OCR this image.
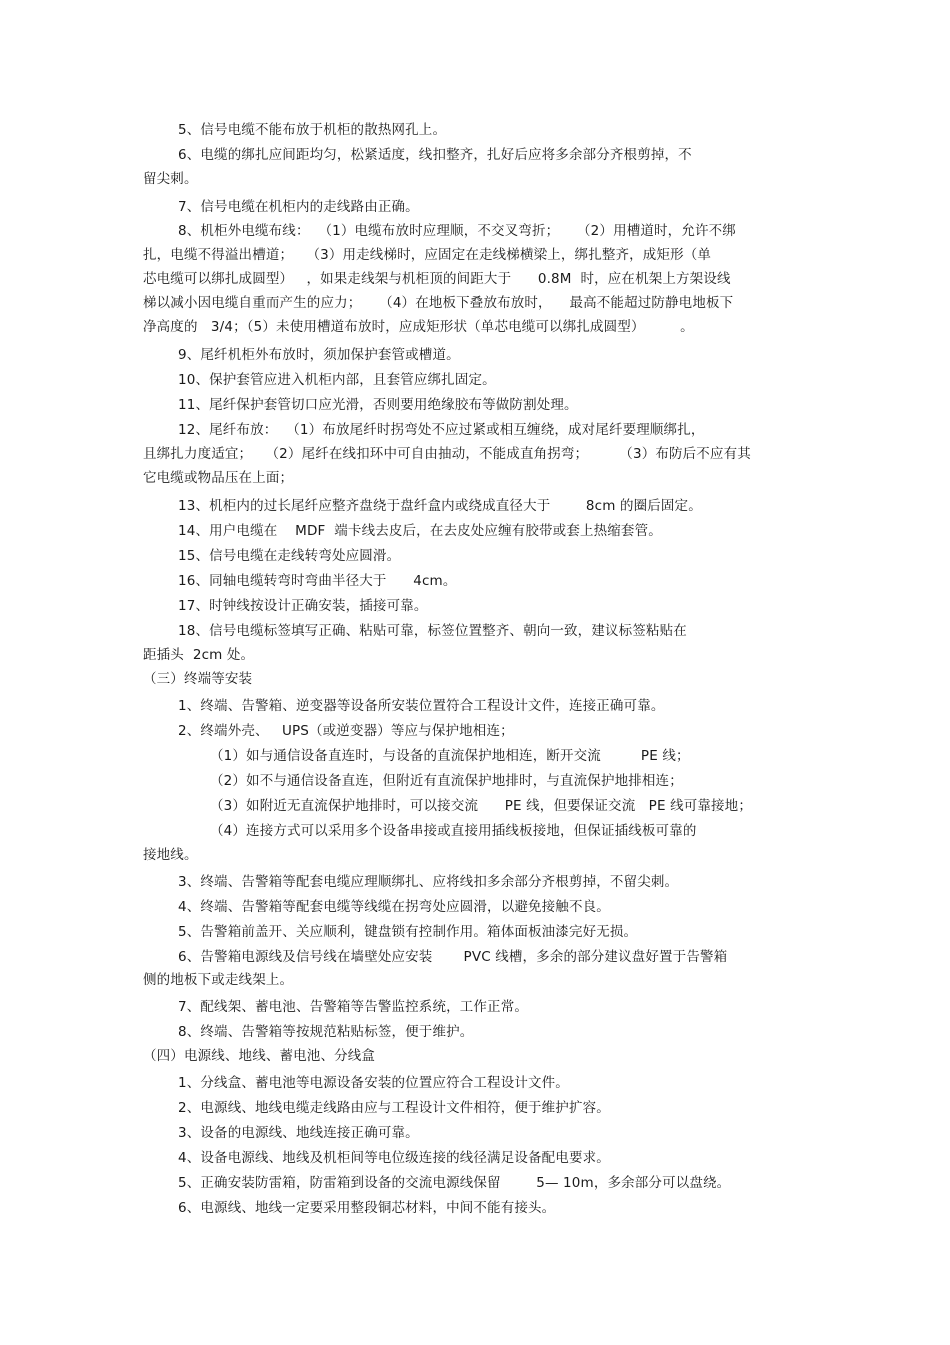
5、信号电缆不能布放于机柜的散热网孔上。
6、电缆的绑扎应间距均匀，松紧适度，线扣整齐，扎好后应将多余部分齐根剪掉，不
留尖刺。
7、信号电缆在机柜内的走线路由正确。
8、机柜外电缆布线：  （1）电缆布放时应理顺，不交叉弯折；    （2）用槽道时，允许不绑
扎，电缆不得溢出槽道；   （3）用走线梯时，应固定在走线梯横梁上，绑扎整齐，成矩形（单
芯电缆可以绑扎成圆型）   ，如果走线架与机柜顶的间距大于      0.8M  时，应在机架上方架设线
梯以减小因电缆自重而产生的应力；    （4）在地板下叠放布放时，    最高不能超过防静电地板下
净高度的   3/4；（5）未使用槽道布放时，应成矩形状（单芯电缆可以绑扎成圆型）        。
9、尾纤机柜外布放时，须加保护套管或槽道。
10、保护套管应进入机柜内部，且套管应绑扎固定。
11、尾纤保护套管切口应光滑，否则要用绝缘胶布等做防割处理。
12、尾纤布放：  （1）布放尾纤时拐弯处不应过紧或相互缠绕，成对尾纤要理顺绑扎，
且绑扎力度适宜；   （2）尾纤在线扣环中可自由抽动，不能成直角拐弯；       （3）布防后不应有其
它电缆或物品压在上面；
13、机柜内的过长尾纤应整齐盘绕于盘纤盒内或绕成直径大于        8cm 的圈后固定。
14、用户电缆在    MDF  端卡线去皮后，在去皮处应缠有胶带或套上热缩套管。
15、信号电缆在走线转弯处应圆滑。
16、同轴电缆转弯时弯曲半径大于      4cm。
17、时钟线按设计正确安装，插接可靠。
18、信号电缆标签填写正确、粘贴可靠，标签位置整齐、朝向一致，建议标签粘贴在
距插头  2cm 处。
（三）终端等安装
1、终端、告警箱、逆变器等设备所安装位置符合工程设计文件，连接正确可靠。
2、终端外壳、   UPS（或逆变器）等应与保护地相连；
（1）如与通信设备直连时，与设备的直流保护地相连，断开交流         PE 线；
（2）如不与通信设备直连，但附近有直流保护地排时，与直流保护地排相连；
（3）如附近无直流保护地排时，可以接交流      PE 线，但要保证交流   PE 线可靠接地；
（4）连接方式可以采用多个设备串接或直接用插线板接地，但保证插线板可靠的
接地线。
3、终端、告警箱等配套电缆应理顺绑扎、应将线扣多余部分齐根剪掉，不留尖刺。
4、终端、告警箱等配套电缆等线缆在拐弯处应圆滑，以避免接触不良。
5、告警箱前盖开、关应顺利，键盘锁有控制作用。箱体面板油漆完好无损。
6、告警箱电源线及信号线在墙壁处应安装       PVC 线槽，多余的部分建议盘好置于告警箱
侧的地板下或走线架上。
7、配线架、蓄电池、告警箱等告警监控系统，工作正常。
8、终端、告警箱等按规范粘贴标签，便于维护。
（四）电源线、地线、蓄电池、分线盒
1、分线盒、蓄电池等电源设备安装的位置应符合工程设计文件。
2、电源线、地线电缆走线路由应与工程设计文件相符，便于维护扩容。
3、设备的电源线、地线连接正确可靠。
4、设备电源线、地线及机柜间等电位级连接的线径满足设备配电要求。
5、正确安装防雷箱，防雷箱到设备的交流电源线保留        5— 10m，多余部分可以盘绕。
6、电源线、地线一定要采用整段铜芯材料，中间不能有接头。
